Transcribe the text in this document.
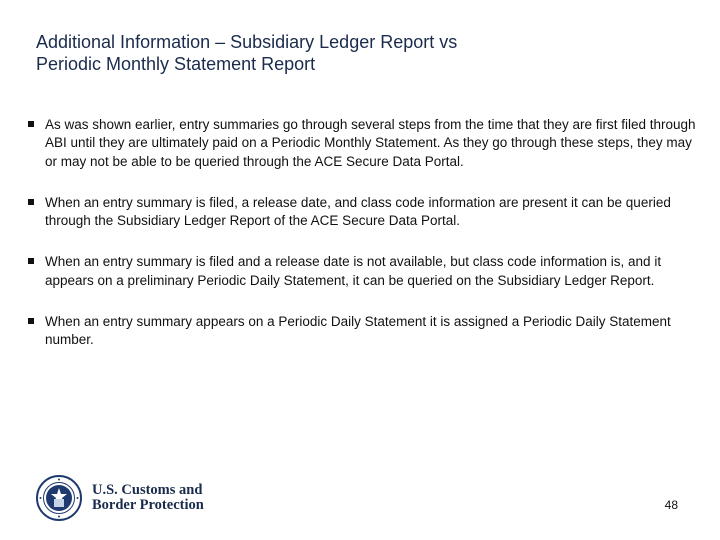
Additional Information – Subsidiary Ledger Report vs
Periodic Monthly Statement Report
As was shown earlier, entry summaries go through several steps from the time that they are first filed through ABI until they are ultimately paid on a Periodic Monthly Statement. As they go through these steps, they may or may not be able to be queried through the ACE Secure Data Portal.
When an entry summary is filed, a release date, and class code information are present it can be queried through the Subsidiary Ledger Report of the ACE Secure Data Portal.
When an entry summary is filed and a release date is not available, but class code information is, and it appears on a preliminary Periodic Daily Statement, it can be queried on the Subsidiary Ledger Report.
When an entry summary appears on a Periodic Daily Statement it is assigned a Periodic Daily Statement number.
U.S. Customs and
Border Protection	48
